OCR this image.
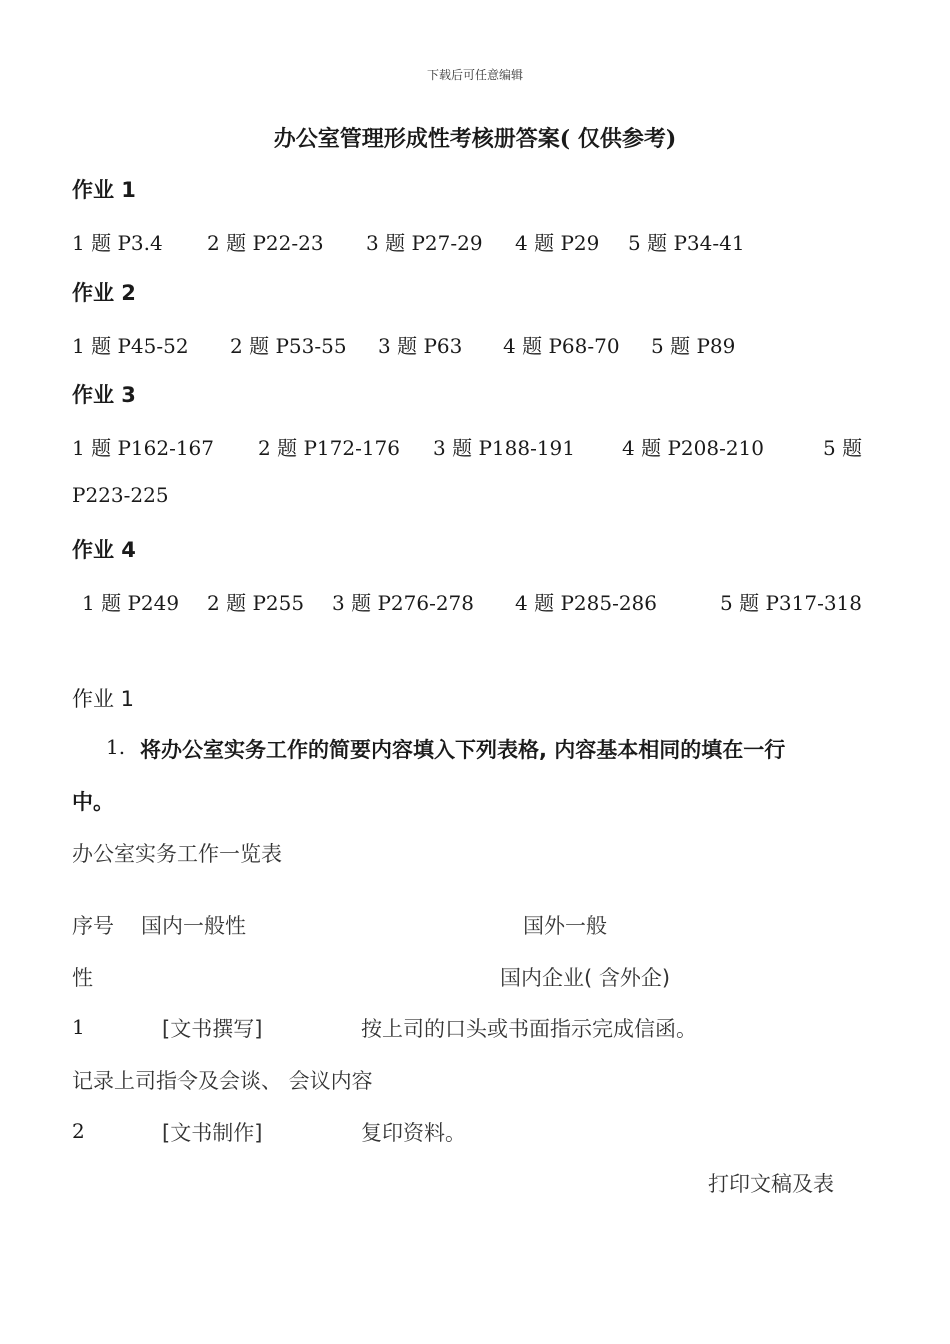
下载后可任意编辑
办公室管理形成性考核册答案( 仅供参考)
作业 1
1 题 P3.4 2 题 P22-23 3 题 P27-29 4 题 P29 5 题 P34-41
作业 2
1 题 P45-52 2 题 P53-55 3 题 P63 4 题 P68-70 5 题 P89
作业 3
1 题 P162-167 2 题 P172-176 3 题 P188-191 4 题 P208-210	5 题
P223-225
作业 4
1 题 P249 2 题 P255 3 题 P276-278 4 题 P285-286	5 题 P317-318
作业 1
1. 将办公室实务工作的简要内容填入下列表格, 内容基本相同的填在一行
中。
办公室实务工作一览表
序号 国内一般性	国外一般
性	国内企业( 含外企)
1	[文书撰写]	按上司的口头或书面指示完成信函。
记录上司指令及会谈、 会议内容
2	[文书制作]	复印资料。
打印文稿及表
